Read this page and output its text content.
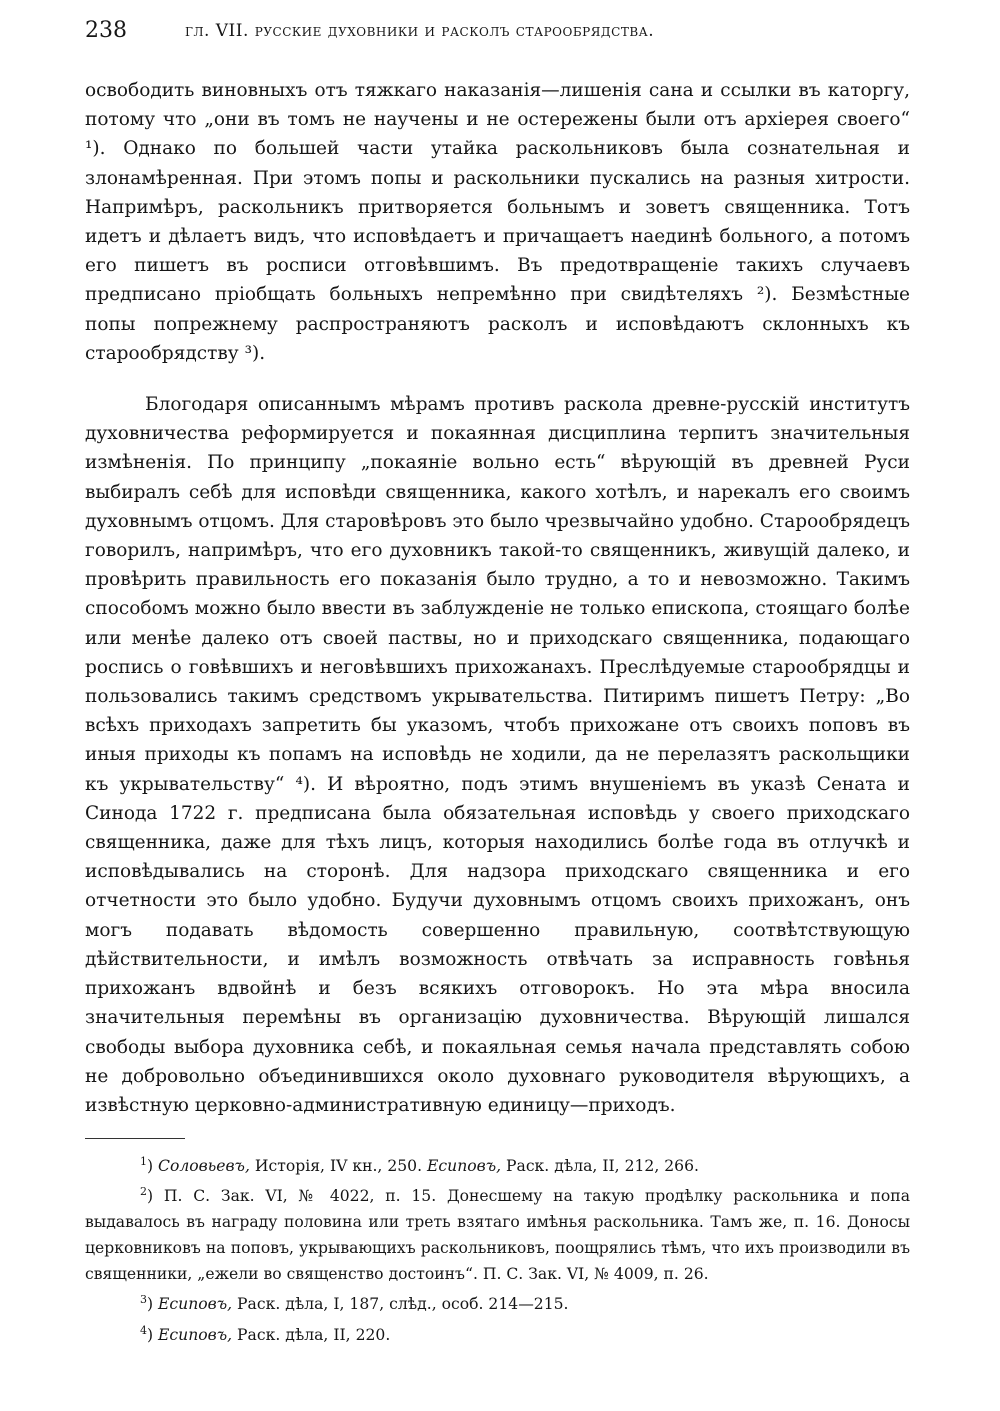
238	гл. VII. русские духовники и расколъ старообрядства.

освободить виновныхъ отъ тяжкаго наказанія—лишенія сана и ссылки въ каторгу, потому что „они въ томъ не научены и не остережены были отъ архіерея своего“ ¹). Однако по большей части утайка раскольниковъ была сознательная и злонамѣренная. При этомъ попы и раскольники пускались на разныя хитрости. Напримѣръ, раскольникъ притворяется больнымъ и зоветъ священника. Тотъ идетъ и дѣлаетъ видъ, что исповѣдаетъ и причащаетъ наединѣ больного, а потомъ его пишетъ въ росписи отговѣвшимъ. Въ предотвращеніе такихъ случаевъ предписано пріобщать больныхъ непремѣнно при свидѣтеляхъ ²). Безмѣстные попы попрежнему распространяютъ расколъ и исповѣдаютъ склонныхъ къ старообрядству ³).

Блогодаря описаннымъ мѣрамъ противъ раскола древне-русскій институтъ духовничества реформируется и покаянная дисциплина терпитъ значительныя измѣненія. По принципу „покаяніе вольно есть“ вѣрующій въ древней Руси выбиралъ себѣ для исповѣди священника, какого хотѣлъ, и нарекалъ его своимъ духовнымъ отцомъ. Для старовѣровъ это было чрезвычайно удобно. Старообрядецъ говорилъ, напримѣръ, что его духовникъ такой-то священникъ, живущій далеко, и провѣрить правильность его показанія было трудно, а то и невозможно. Такимъ способомъ можно было ввести въ заблужденіе не только епископа, стоящаго болѣе или менѣе далеко отъ своей паствы, но и приходскаго священника, подающаго роспись о говѣвшихъ и неговѣвшихъ прихожанахъ. Преслѣдуемые старообрядцы и пользовались такимъ средствомъ укрывательства. Питиримъ пишетъ Петру: „Во всѣхъ приходахъ запретить бы указомъ, чтобъ прихожане отъ своихъ поповъ въ иныя приходы къ попамъ на исповѣдь не ходили, да не перелазятъ раскольщики къ укрывательству“ ⁴). И вѣроятно, подъ этимъ внушеніемъ въ указѣ Сената и Синода 1722 г. предписана была обязательная исповѣдь у своего приходскаго священника, даже для тѣхъ лицъ, которыя находились болѣе года въ отлучкѣ и исповѣдывались на сторонѣ. Для надзора приходскаго священника и его отчетности это было удобно. Будучи духовнымъ отцомъ своихъ прихожанъ, онъ могъ подавать вѣдомость совершенно правильную, соотвѣтствующую дѣйствительности, и имѣлъ возможность отвѣчать за исправность говѣнья прихожанъ вдвойнѣ и безъ всякихъ отговорокъ. Но эта мѣра вносила значительныя перемѣны въ организацію духовничества. Вѣрующій лишался свободы выбора духовника себѣ, и покаяльная семья начала представлять собою не добровольно объединившихся около духовнаго руководителя вѣрующихъ, а извѣстную церковно-административную единицу—приходъ.

$^1$) Соловьевъ, Исторія, IV кн., 250. Есиповъ, Раск. дѣла, II, 212, 266.

$^2$) П. С. Зак. VI, № 4022, п. 15. Донесшему на такую продѣлку раскольника и попа выдавалось въ награду половина или треть взятаго имѣнья раскольника. Тамъ же, п. 16. Доносы церковниковъ на поповъ, укрывающихъ раскольниковъ, поощрялись тѣмъ, что ихъ производили въ священники, „ежели во священство достоинъ“. П. С. Зак. VI, № 4009, п. 26.

$^3$) Есиповъ, Раск. дѣла, I, 187, слѣд., особ. 214—215.

$^4$) Есиповъ, Раск. дѣла, II, 220.
